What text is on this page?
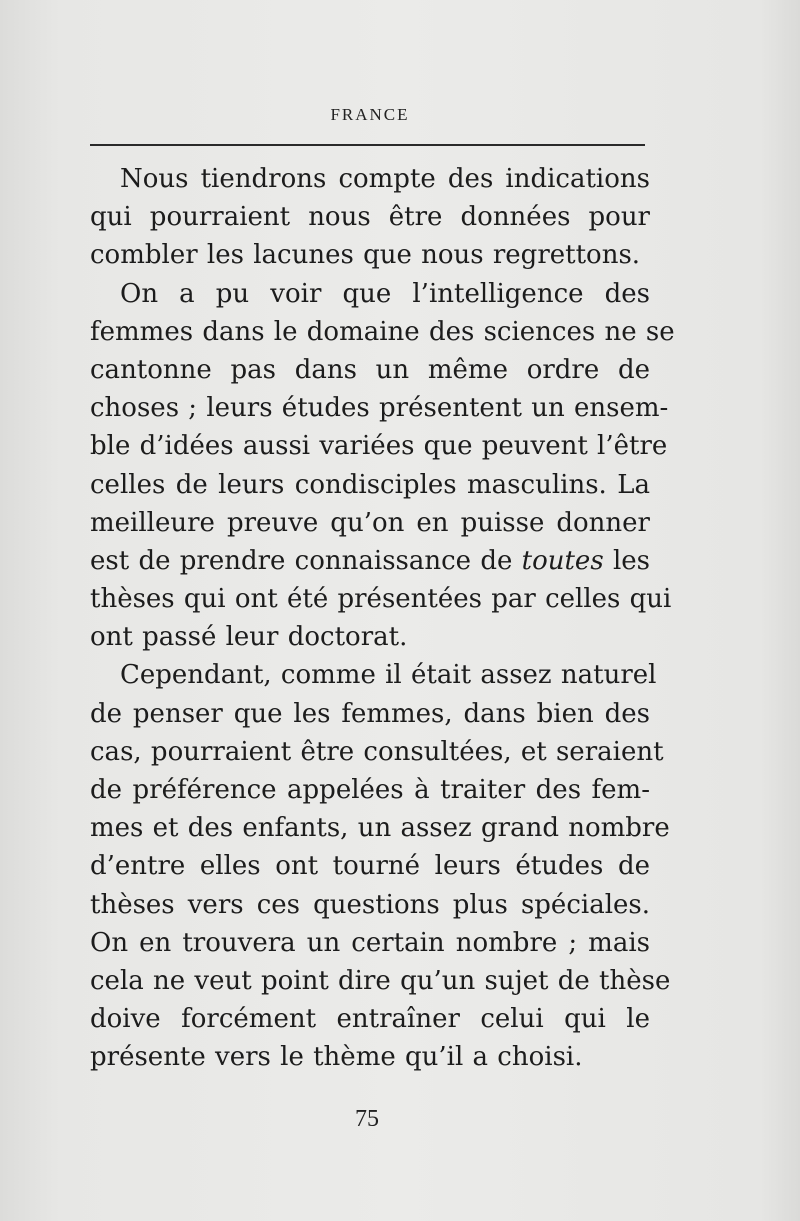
FRANCE
Nous tiendrons compte des indications
qui pourraient nous être données pour
combler les lacunes que nous regrettons.
On a pu voir que l’intelligence des
femmes dans le domaine des sciences ne se
cantonne pas dans un même ordre de
choses ; leurs études présentent un ensem-
ble d’idées aussi variées que peuvent l’être
celles de leurs condisciples masculins. La
meilleure preuve qu’on en puisse donner
est de prendre connaissance de toutes les
thèses qui ont été présentées par celles qui
ont passé leur doctorat.
Cependant, comme il était assez naturel
de penser que les femmes, dans bien des
cas, pourraient être consultées, et seraient
de préférence appelées à traiter des fem-
mes et des enfants, un assez grand nombre
d’entre elles ont tourné leurs études de
thèses vers ces questions plus spéciales.
On en trouvera un certain nombre ; mais
cela ne veut point dire qu’un sujet de thèse
doive forcément entraîner celui qui le
présente vers le thème qu’il a choisi.
75
